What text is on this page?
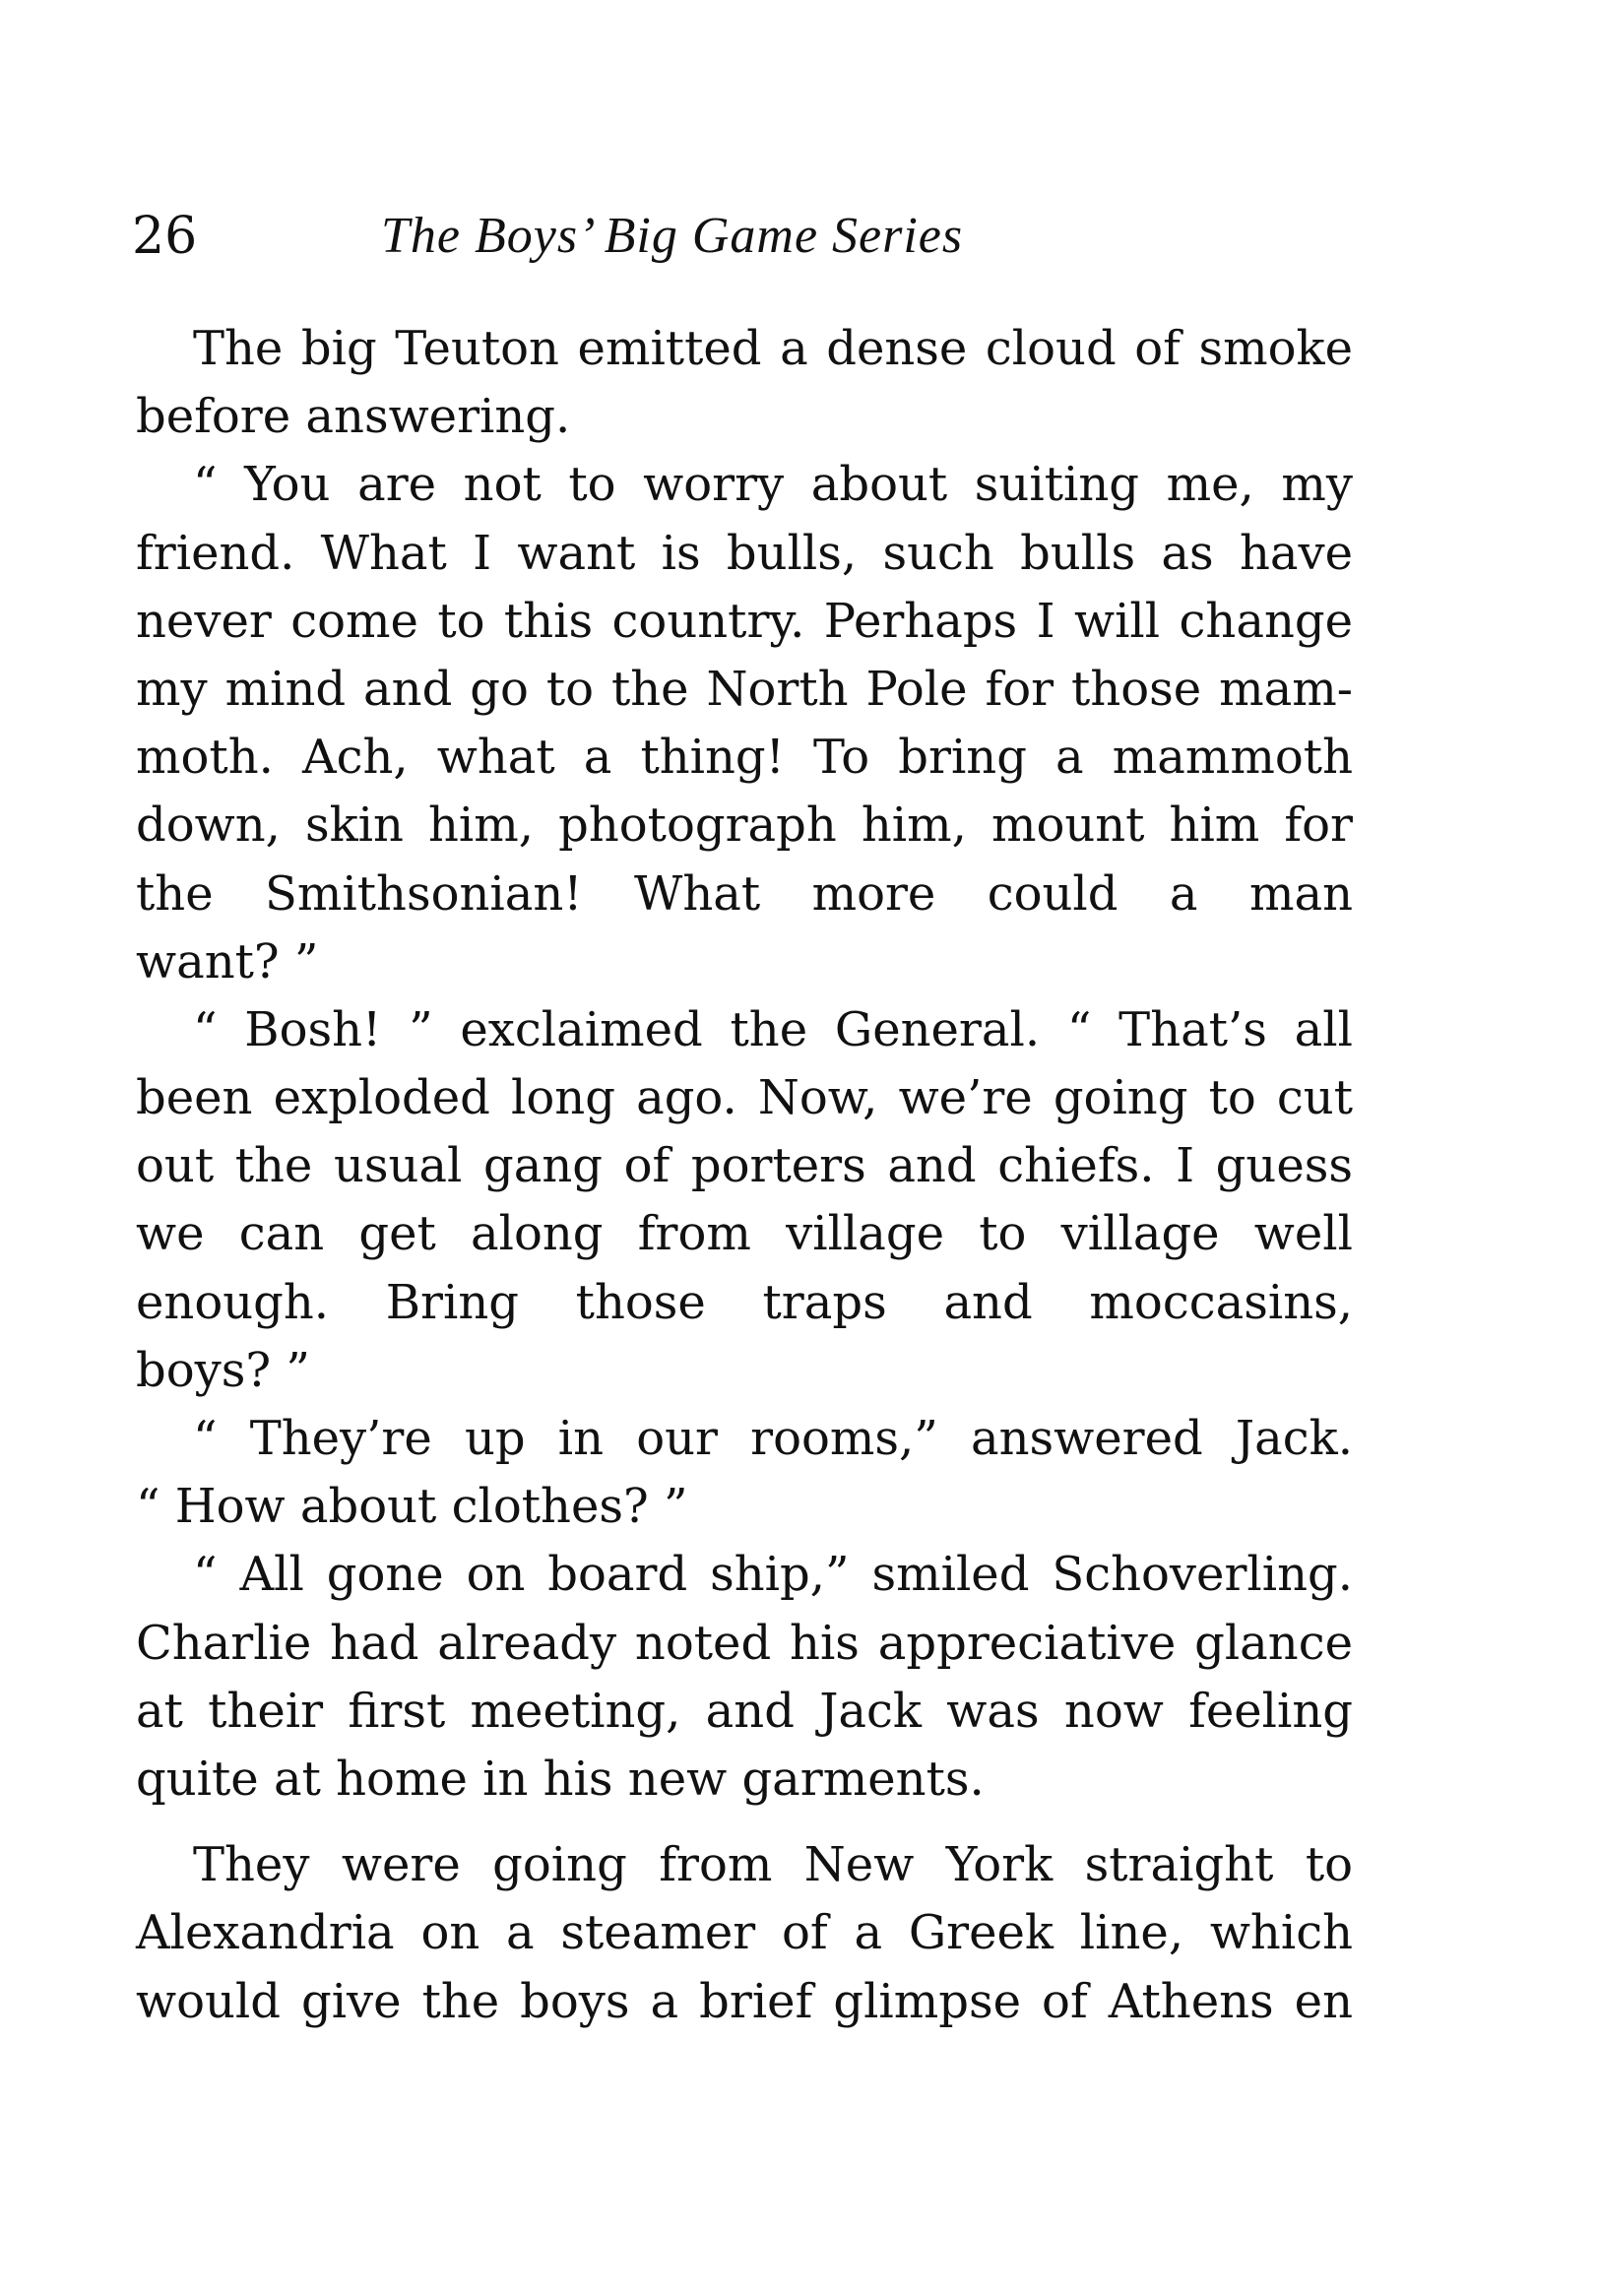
26	The Boys’ Big Game Series

The big Teuton emitted a dense cloud of smoke
before answering.

“ You are not to worry about suiting me, my
friend. What I want is bulls, such bulls as have
never come to this country. Perhaps I will change
my mind and go to the North Pole for those mam-
moth. Ach, what a thing! To bring a mammoth
down, skin him, photograph him, mount him for
the Smithsonian! What more could a man
want? ”

“ Bosh! ” exclaimed the General. “ That’s all
been exploded long ago. Now, we’re going to cut
out the usual gang of porters and chiefs. I guess
we can get along from village to village well
enough. Bring those traps and moccasins,
boys? ”

“ They’re up in our rooms,” answered Jack.
“ How about clothes? ”

“ All gone on board ship,” smiled Schoverling.
Charlie had already noted his appreciative glance
at their first meeting, and Jack was now feeling
quite at home in his new garments.

They were going from New York straight to
Alexandria on a steamer of a Greek line, which
would give the boys a brief glimpse of Athens en
